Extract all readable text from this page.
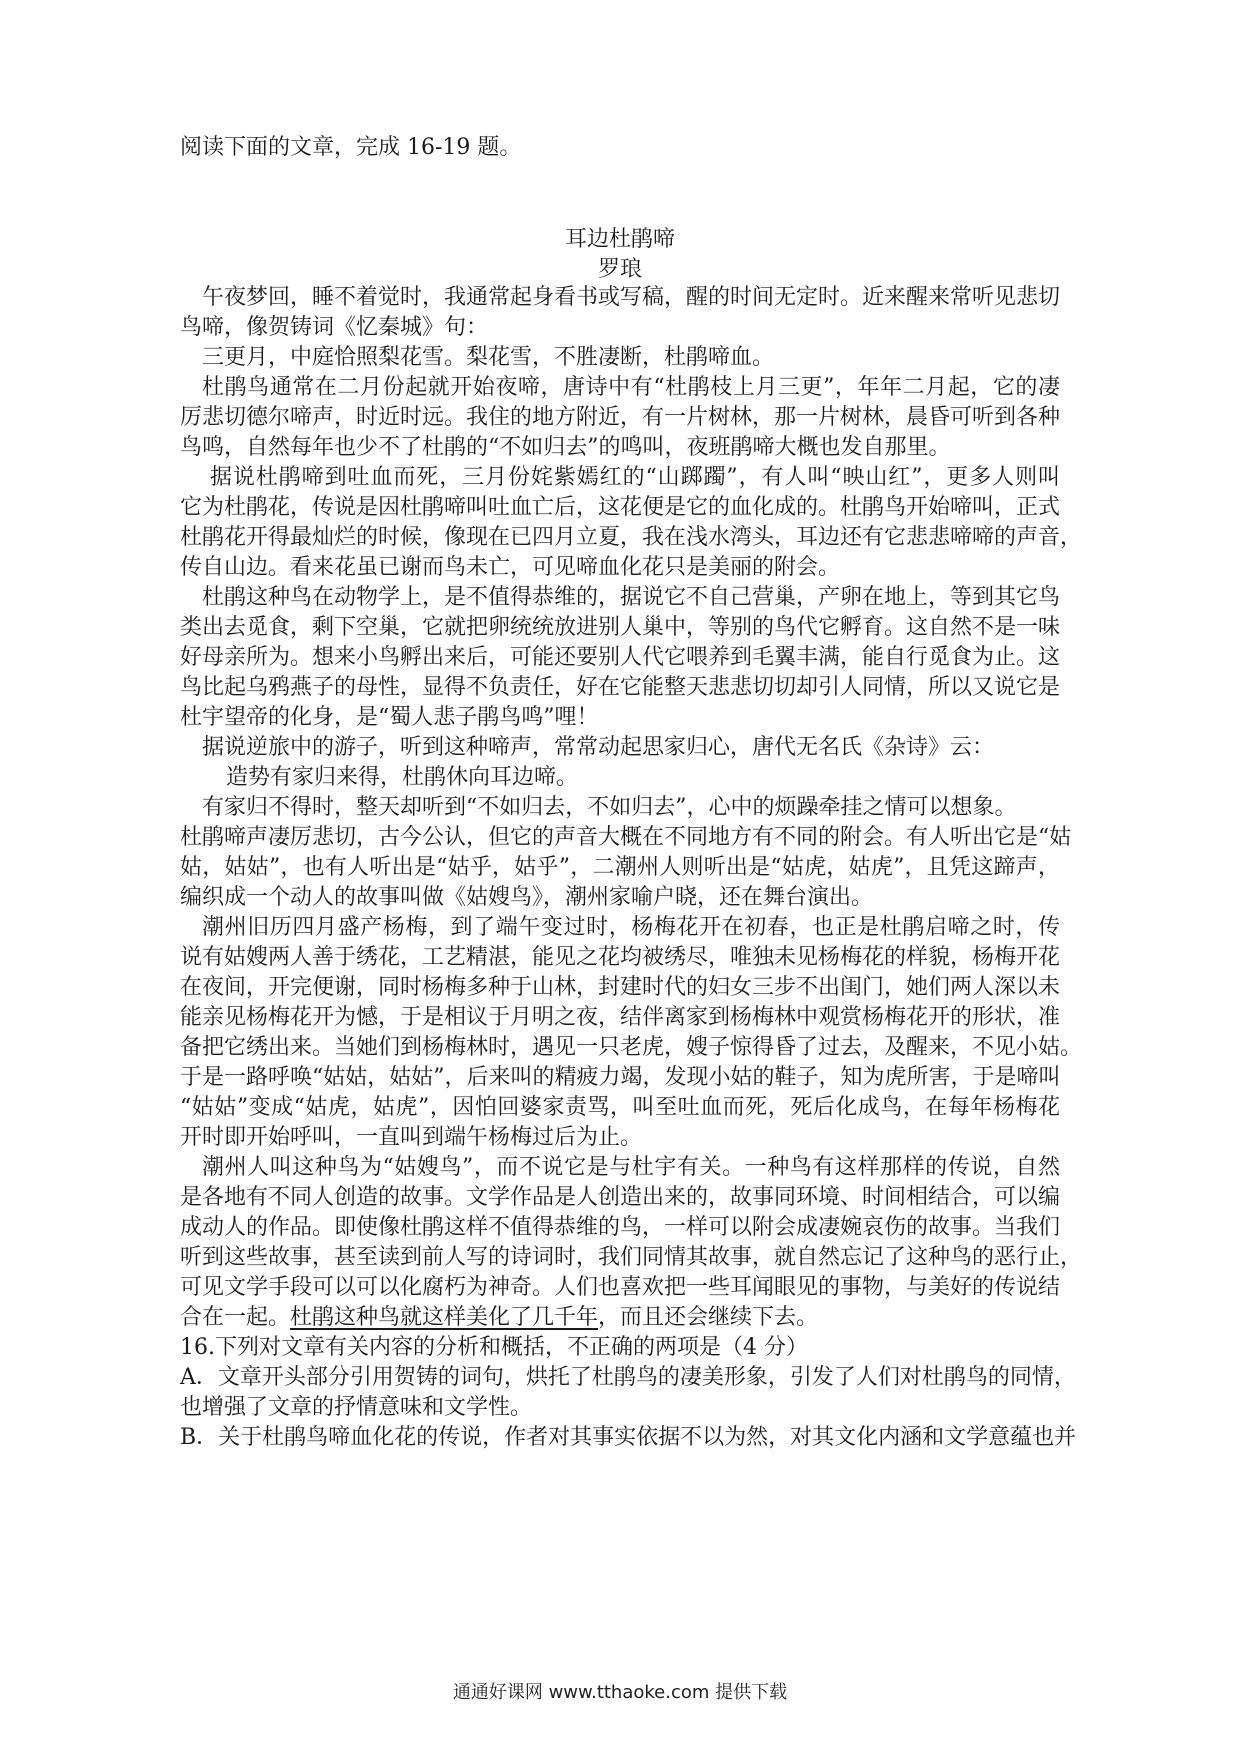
阅读下面的文章，完成 16-19 题。
耳边杜鹃啼
罗琅
午夜梦回，睡不着觉时，我通常起身看书或写稿，醒的时间无定时。近来醒来常听见悲切
鸟啼，像贺铸词《忆秦城》句：
三更月，中庭恰照梨花雪。梨花雪，不胜凄断，杜鹃啼血。
杜鹃鸟通常在二月份起就开始夜啼，唐诗中有“杜鹃枝上月三更”，年年二月起，它的凄
厉悲切德尔啼声，时近时远。我住的地方附近，有一片树林，那一片树林，晨昏可听到各种
鸟鸣，自然每年也少不了杜鹃的“不如归去”的鸣叫，夜班鹃啼大概也发自那里。
据说杜鹃啼到吐血而死，三月份姹紫嫣红的“山踯躅”，有人叫“映山红”，更多人则叫
它为杜鹃花，传说是因杜鹃啼叫吐血亡后，这花便是它的血化成的。杜鹃鸟开始啼叫，正式
杜鹃花开得最灿烂的时候，像现在已四月立夏，我在浅水湾头，耳边还有它悲悲啼啼的声音，
传自山边。看来花虽已谢而鸟未亡，可见啼血化花只是美丽的附会。
杜鹃这种鸟在动物学上，是不值得恭维的，据说它不自己营巢，产卵在地上，等到其它鸟
类出去觅食，剩下空巢，它就把卵统统放进别人巢中，等别的鸟代它孵育。这自然不是一味
好母亲所为。想来小鸟孵出来后，可能还要别人代它喂养到毛翼丰满，能自行觅食为止。这
鸟比起乌鸦燕子的母性，显得不负责任，好在它能整天悲悲切切却引人同情，所以又说它是
杜宇望帝的化身，是“蜀人悲子鹃鸟鸣”哩！
据说逆旅中的游子，听到这种啼声，常常动起思家归心，唐代无名氏《杂诗》云：
造势有家归来得，杜鹃休向耳边啼。
有家归不得时，整天却听到“不如归去，不如归去”，心中的烦躁牵挂之情可以想象。
杜鹃啼声凄厉悲切，古今公认，但它的声音大概在不同地方有不同的附会。有人听出它是“姑
姑，姑姑”，也有人听出是“姑乎，姑乎”，二潮州人则听出是“姑虎，姑虎”，且凭这蹄声，
编织成一个动人的故事叫做《姑嫂鸟》，潮州家喻户晓，还在舞台演出。
潮州旧历四月盛产杨梅，到了端午变过时，杨梅花开在初春，也正是杜鹃启啼之时，传
说有姑嫂两人善于绣花，工艺精湛，能见之花均被绣尽，唯独未见杨梅花的样貌，杨梅开花
在夜间，开完便谢，同时杨梅多种于山林，封建时代的妇女三步不出闺门，她们两人深以未
能亲见杨梅花开为憾，于是相议于月明之夜，结伴离家到杨梅林中观赏杨梅花开的形状，准
备把它绣出来。当她们到杨梅林时，遇见一只老虎，嫂子惊得昏了过去，及醒来，不见小姑。
于是一路呼唤“姑姑，姑姑”，后来叫的精疲力竭，发现小姑的鞋子，知为虎所害，于是啼叫
“姑姑”变成“姑虎，姑虎”，因怕回婆家责骂，叫至吐血而死，死后化成鸟，在每年杨梅花
开时即开始呼叫，一直叫到端午杨梅过后为止。
潮州人叫这种鸟为“姑嫂鸟”，而不说它是与杜宇有关。一种鸟有这样那样的传说，自然
是各地有不同人创造的故事。文学作品是人创造出来的，故事同环境、时间相结合，可以编
成动人的作品。即使像杜鹃这样不值得恭维的鸟，一样可以附会成凄婉哀伤的故事。当我们
听到这些故事，甚至读到前人写的诗词时，我们同情其故事，就自然忘记了这种鸟的恶行止，
可见文学手段可以可以化腐朽为神奇。人们也喜欢把一些耳闻眼见的事物，与美好的传说结
合在一起。杜鹃这种鸟就这样美化了几千年，而且还会继续下去。
16.下列对文章有关内容的分析和概括，不正确的两项是（4 分）
A．文章开头部分引用贺铸的词句，烘托了杜鹃鸟的凄美形象，引发了人们对杜鹃鸟的同情，
也增强了文章的抒情意味和文学性。
B．关于杜鹃鸟啼血化花的传说，作者对其事实依据不以为然，对其文化内涵和文学意蕴也并
通通好课网 www.tthaoke.com 提供下载
